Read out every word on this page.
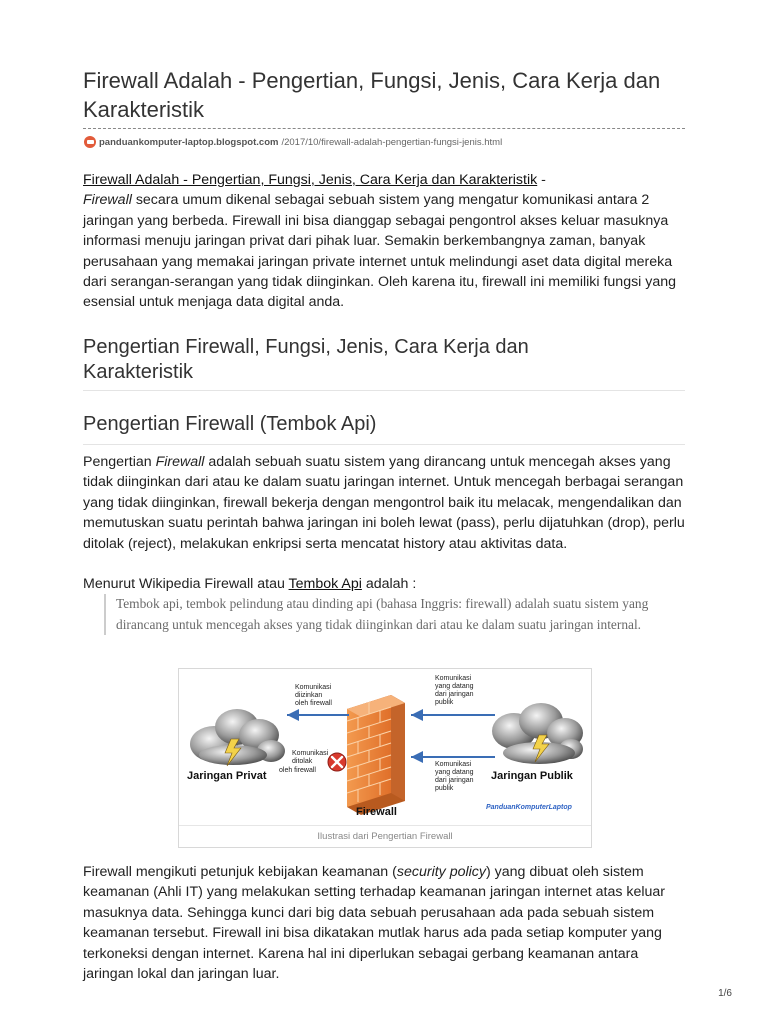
Firewall Adalah - Pengertian, Fungsi, Jenis, Cara Kerja dan Karakteristik
panduankomputer-laptop.blogspot.com /2017/10/firewall-adalah-pengertian-fungsi-jenis.html

Firewall Adalah - Pengertian, Fungsi, Jenis, Cara Kerja dan Karakteristik -
Firewall secara umum dikenal sebagai sebuah sistem yang mengatur komunikasi antara 2 jaringan yang berbeda. Firewall ini bisa dianggap sebagai pengontrol akses keluar masuknya informasi menuju jaringan privat dari pihak luar. Semakin berkembangnya zaman, banyak perusahaan yang memakai jaringan private internet untuk melindungi aset data digital mereka dari serangan-serangan yang tidak diinginkan. Oleh karena itu, firewall ini memiliki fungsi yang esensial untuk menjaga data digital anda.

Pengertian Firewall, Fungsi, Jenis, Cara Kerja dan Karakteristik
Pengertian Firewall (Tembok Api)

Pengertian Firewall adalah sebuah suatu sistem yang dirancang untuk mencegah akses yang tidak diinginkan dari atau ke dalam suatu jaringan internet. Untuk mencegah berbagai serangan yang tidak diinginkan, firewall bekerja dengan mengontrol baik itu melacak, mengendalikan dan memutuskan suatu perintah bahwa jaringan ini boleh lewat (pass), perlu dijatuhkan (drop), perlu ditolak (reject), melakukan enkripsi serta mencatat history atau aktivitas data.

Menurut Wikipedia Firewall atau Tembok Api adalah :

Tembok api, tembok pelindung atau dinding api (bahasa Inggris: firewall) adalah suatu sistem yang dirancang untuk mencegah akses yang tidak diinginkan dari atau ke dalam suatu jaringan internal.
Komunikasi diizinkan oleh firewall
Komunikasi ditolak oleh firewall
Komunikasi yang datang dari jaringan publik
Komunikasi yang datang dari jaringan publik
Jaringan Privat	Jaringan Publik
Firewall	PanduanKomputerLaptop
Ilustrasi dari Pengertian Firewall

Firewall mengikuti petunjuk kebijakan keamanan (security policy) yang dibuat oleh sistem keamanan (Ahli IT) yang melakukan setting terhadap keamanan jaringan internet atas keluar masuknya data. Sehingga kunci dari big data sebuah perusahaan ada pada sebuah sistem keamanan tersebut. Firewall ini bisa dikatakan mutlak harus ada pada setiap komputer yang terkoneksi dengan internet. Karena hal ini diperlukan sebagai gerbang keamanan antara jaringan lokal dan jaringan luar.

1/6
